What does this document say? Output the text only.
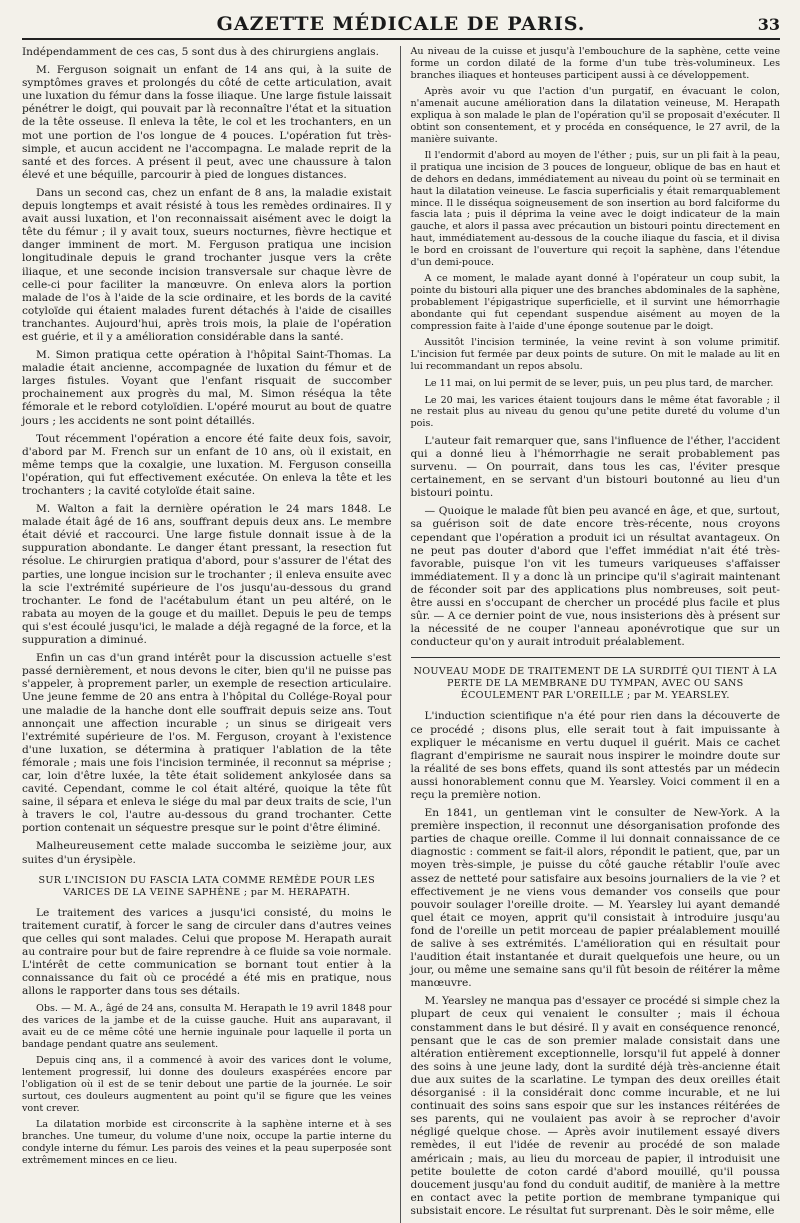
GAZETTE MÉDICALE DE PARIS.	33

Indépendamment de ces cas, 5 sont dus à des chirurgiens anglais.

M. Ferguson soignait un enfant de 14 ans qui, à la suite de symptômes graves et prolongés du côté de cette articulation, avait une luxation du fémur dans la fosse iliaque. Une large fistule laissait pénétrer le doigt, qui pouvait par là reconnaître l'état et la situation de la tête osseuse. Il enleva la tête, le col et les trochanters, en un mot une portion de l'os longue de 4 pouces. L'opération fut très-simple, et aucun accident ne l'accompagna. Le malade reprit de la santé et des forces. A présent il peut, avec une chaussure à talon élevé et une béquille, parcourir à pied de longues distances.

Dans un second cas, chez un enfant de 8 ans, la maladie existait depuis longtemps et avait résisté à tous les remèdes ordinaires. Il y avait aussi luxation, et l'on reconnaissait aisément avec le doigt la tête du fémur ; il y avait toux, sueurs nocturnes, fièvre hectique et danger imminent de mort. M. Ferguson pratiqua une incision longitudinale depuis le grand trochanter jusque vers la crête iliaque, et une seconde incision transversale sur chaque lèvre de celle-ci pour faciliter la manœuvre. On enleva alors la portion malade de l'os à l'aide de la scie ordinaire, et les bords de la cavité cotyloïde qui étaient malades furent détachés à l'aide de cisailles tranchantes. Aujourd'hui, après trois mois, la plaie de l'opération est guérie, et il y a amélioration considérable dans la santé.

M. Simon pratiqua cette opération à l'hôpital Saint-Thomas. La maladie était ancienne, accompagnée de luxation du fémur et de larges fistules. Voyant que l'enfant risquait de succomber prochainement aux progrès du mal, M. Simon réséqua la tête fémorale et le rebord cotyloïdien. L'opéré mourut au bout de quatre jours ; les accidents ne sont point détaillés.

Tout récemment l'opération a encore été faite deux fois, savoir, d'abord par M. French sur un enfant de 10 ans, où il existait, en même temps que la coxalgie, une luxation. M. Ferguson conseilla l'opération, qui fut effectivement exécutée. On enleva la tête et les trochanters ; la cavité cotyloïde était saine.

M. Walton a fait la dernière opération le 24 mars 1848. Le malade était âgé de 16 ans, souffrant depuis deux ans. Le membre était dévié et raccourci. Une large fistule donnait issue à de la suppuration abondante. Le danger étant pressant, la resection fut résolue. Le chirurgien pratiqua d'abord, pour s'assurer de l'état des parties, une longue incision sur le trochanter ; il enleva ensuite avec la scie l'extrémité supérieure de l'os jusqu'au-dessous du grand trochanter. Le fond de l'acétabulum étant un peu altéré, on le rabata au moyen de la gouge et du maillet. Depuis le peu de temps qui s'est écoulé jusqu'ici, le malade a déjà regagné de la force, et la suppuration a diminué.

Enfin un cas d'un grand intérêt pour la discussion actuelle s'est passé dernièrement, et nous devons le citer, bien qu'il ne puisse pas s'appeler, à proprement parler, un exemple de resection articulaire. Une jeune femme de 20 ans entra à l'hôpital du Collége-Royal pour une maladie de la hanche dont elle souffrait depuis seize ans. Tout annonçait une affection incurable ; un sinus se dirigeait vers l'extrémité supérieure de l'os. M. Ferguson, croyant à l'existence d'une luxation, se détermina à pratiquer l'ablation de la tête fémorale ; mais une fois l'incision terminée, il reconnut sa méprise ; car, loin d'être luxée, la tête était solidement ankylosée dans sa cavité. Cependant, comme le col était altéré, quoique la tête fût saine, il sépara et enleva le siége du mal par deux traits de scie, l'un à travers le col, l'autre au-dessous du grand trochanter. Cette portion contenait un séquestre presque sur le point d'être éliminé.

Malheureusement cette malade succomba le seizième jour, aux suites d'un érysipèle.

SUR L'INCISION DU FASCIA LATA COMME REMÈDE POUR LES VARICES DE LA VEINE SAPHÈNE ; par M. HERAPATH.

Le traitement des varices a jusqu'ici consisté, du moins le traitement curatif, à forcer le sang de circuler dans d'autres veines que celles qui sont malades. Celui que propose M. Herapath aurait au contraire pour but de faire reprendre à ce fluide sa voie normale. L'intérêt de cette communication se bornant tout entier à la connaissance du fait où ce procédé a été mis en pratique, nous allons le rapporter dans tous ses détails.

Obs. — M. A., âgé de 24 ans, consulta M. Herapath le 19 avril 1848 pour des varices de la jambe et de la cuisse gauche. Huit ans auparavant, il avait eu de ce même côté une hernie inguinale pour laquelle il porta un bandage pendant quatre ans seulement.

Depuis cinq ans, il a commencé à avoir des varices dont le volume, lentement progressif, lui donne des douleurs exaspérées encore par l'obligation où il est de se tenir debout une partie de la journée. Le soir surtout, ces douleurs augmentent au point qu'il se figure que les veines vont crever.

La dilatation morbide est circonscrite à la saphène interne et à ses branches. Une tumeur, du volume d'une noix, occupe la partie interne du condyle interne du fémur. Les parois des veines et la peau superposée sont extrêmement minces en ce lieu.

Au niveau de la cuisse et jusqu'à l'embouchure de la saphène, cette veine forme un cordon dilaté de la forme d'un tube très-volumineux. Les branches iliaques et honteuses participent aussi à ce développement.

Après avoir vu que l'action d'un purgatif, en évacuant le colon, n'amenait aucune amélioration dans la dilatation veineuse, M. Herapath expliqua à son malade le plan de l'opération qu'il se proposait d'exécuter. Il obtint son consentement, et y procéda en conséquence, le 27 avril, de la manière suivante.

Il l'endormit d'abord au moyen de l'éther ; puis, sur un pli fait à la peau, il pratiqua une incision de 3 pouces de longueur, oblique de bas en haut et de dehors en dedans, immédiatement au niveau du point où se terminait en haut la dilatation veineuse. Le fascia superficialis y était remarquablement mince. Il le disséqua soigneusement de son insertion au bord falciforme du fascia lata ; puis il déprima la veine avec le doigt indicateur de la main gauche, et alors il passa avec précaution un bistouri pointu directement en haut, immédiatement au-dessous de la couche iliaque du fascia, et il divisa le bord en croissant de l'ouverture qui reçoit la saphène, dans l'étendue d'un demi-pouce.

A ce moment, le malade ayant donné à l'opérateur un coup subit, la pointe du bistouri alla piquer une des branches abdominales de la saphène, probablement l'épigastrique superficielle, et il survint une hémorrhagie abondante qui fut cependant suspendue aisément au moyen de la compression faite à l'aide d'une éponge soutenue par le doigt.

Aussitôt l'incision terminée, la veine revint à son volume primitif. L'incision fut fermée par deux points de suture. On mit le malade au lit en lui recommandant un repos absolu.

Le 11 mai, on lui permit de se lever, puis, un peu plus tard, de marcher.

Le 20 mai, les varices étaient toujours dans le même état favorable ; il ne restait plus au niveau du genou qu'une petite dureté du volume d'un pois.

L'auteur fait remarquer que, sans l'influence de l'éther, l'accident qui a donné lieu à l'hémorrhagie ne serait probablement pas survenu. — On pourrait, dans tous les cas, l'éviter presque certainement, en se servant d'un bistouri boutonné au lieu d'un bistouri pointu.

— Quoique le malade fût bien peu avancé en âge, et que, surtout, sa guérison soit de date encore très-récente, nous croyons cependant que l'opération a produit ici un résultat avantageux. On ne peut pas douter d'abord que l'effet immédiat n'ait été très-favorable, puisque l'on vit les tumeurs variqueuses s'affaisser immédiatement. Il y a donc là un principe qu'il s'agirait maintenant de féconder soit par des applications plus nombreuses, soit peut-être aussi en s'occupant de chercher un procédé plus facile et plus sûr. — A ce dernier point de vue, nous insisterions dès à présent sur la nécessité de ne couper l'anneau aponévrotique que sur un conducteur qu'on y aurait introduit préalablement.

NOUVEAU MODE DE TRAITEMENT DE LA SURDITÉ QUI TIENT À LA PERTE DE LA MEMBRANE DU TYMPAN, AVEC OU SANS ÉCOULEMENT PAR L'OREILLE ; par M. YEARSLEY.

L'induction scientifique n'a été pour rien dans la découverte de ce procédé ; disons plus, elle serait tout à fait impuissante à expliquer le mécanisme en vertu duquel il guérit. Mais ce cachet flagrant d'empirisme ne saurait nous inspirer le moindre doute sur la réalité de ses bons effets, quand ils sont attestés par un médecin aussi honorablement connu que M. Yearsley. Voici comment il en a reçu la première notion.

En 1841, un gentleman vint le consulter de New-York. A la première inspection, il reconnut une désorganisation profonde des parties de chaque oreille. Comme il lui donnait connaissance de ce diagnostic : comment se fait-il alors, répondit le patient, que, par un moyen très-simple, je puisse du côté gauche rétablir l'ouïe avec assez de netteté pour satisfaire aux besoins journaliers de la vie ? et effectivement je ne viens vous demander vos conseils que pour pouvoir soulager l'oreille droite. — M. Yearsley lui ayant demandé quel était ce moyen, apprit qu'il consistait à introduire jusqu'au fond de l'oreille un petit morceau de papier préalablement mouillé de salive à ses extrémités. L'amélioration qui en résultait pour l'audition était instantanée et durait quelquefois une heure, ou un jour, ou même une semaine sans qu'il fût besoin de réitérer la même manœuvre.

M. Yearsley ne manqua pas d'essayer ce procédé si simple chez la plupart de ceux qui venaient le consulter ; mais il échoua constamment dans le but désiré. Il y avait en conséquence renoncé, pensant que le cas de son premier malade consistait dans une altération entièrement exceptionnelle, lorsqu'il fut appelé à donner des soins à une jeune lady, dont la surdité déjà très-ancienne était due aux suites de la scarlatine. Le tympan des deux oreilles était désorganisé : il la considérait donc comme incurable, et ne lui continuait des soins sans espoir que sur les instances réitérées de ses parents, qui ne voulaient pas avoir à se reprocher d'avoir négligé quelque chose. — Après avoir inutilement essayé divers remèdes, il eut l'idée de revenir au procédé de son malade américain ; mais, au lieu du morceau de papier, il introduisit une petite boulette de coton cardé d'abord mouillé, qu'il poussa doucement jusqu'au fond du conduit auditif, de manière à la mettre en contact avec la petite portion de membrane tympanique qui subsistait encore. Le résultat fut surprenant. Dès le soir même, elle
